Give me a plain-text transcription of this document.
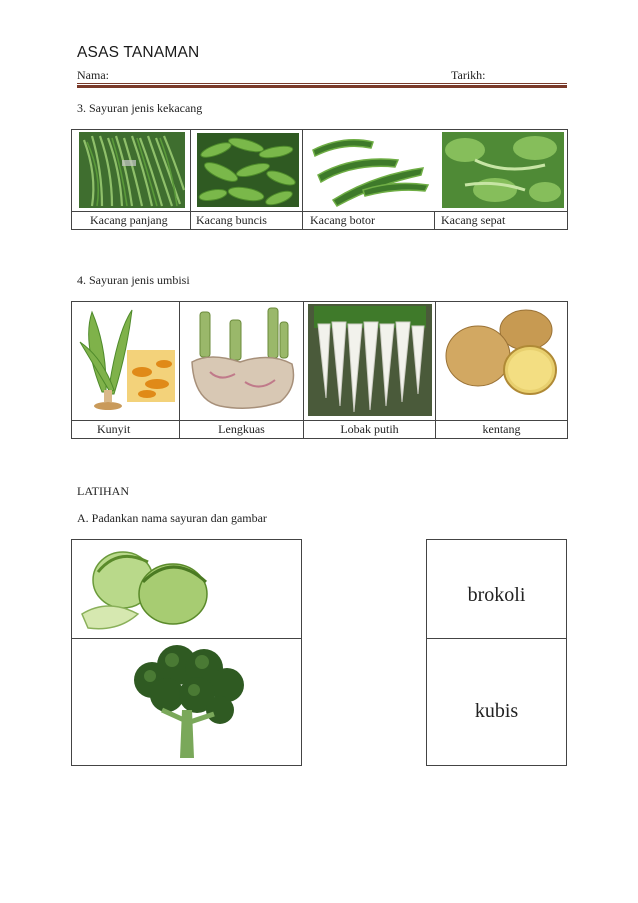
ASAS TANAMAN
Nama:	Tarikh:
3. Sayuran jenis kekacang

Kacang panjang	Kacang buncis	Kacang botor	Kacang sepat
4. Sayuran jenis umbisi

Kunyit	Lengkuas	Lobak putih	kentang
LATIHAN
A. Padankan nama sayuran dan gambar
brokoli
kubis
